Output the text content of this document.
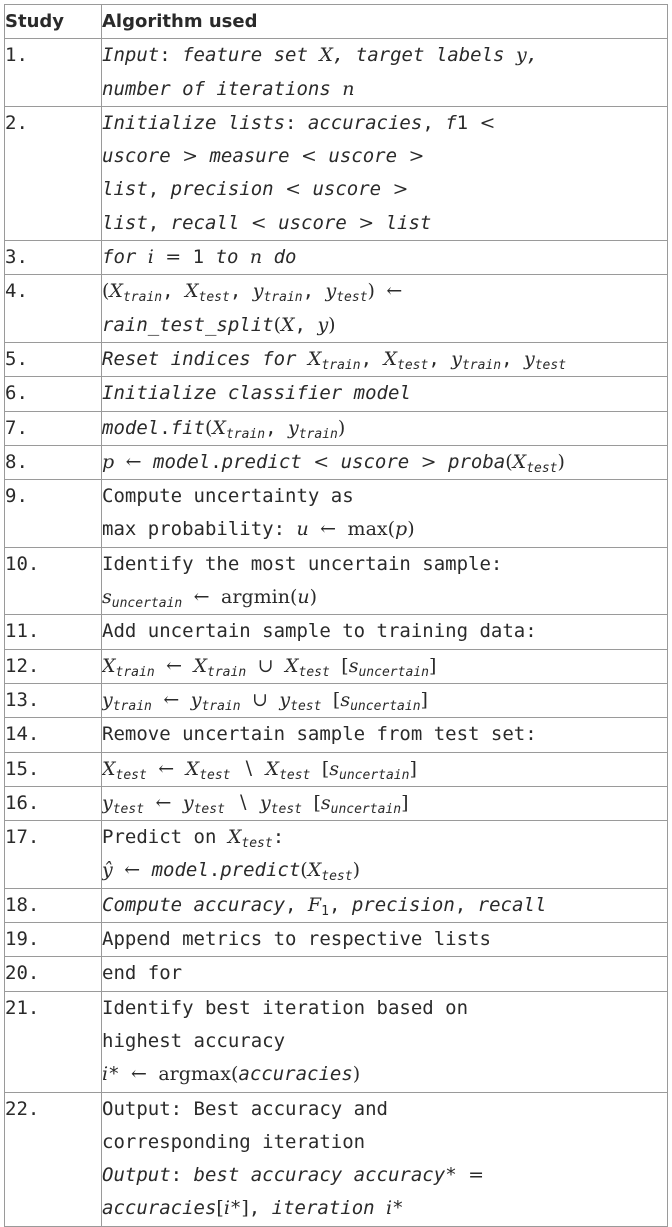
Study	Algorithm used
1.	Input: feature set X, target labels y,
number of iterations n

2.	Initialize lists: accuracies, f1 <
uscore > measure < uscore >
list, precision < uscore >
list, recall < uscore > list

3.	for i = 1 to n do

4.	($X_{train}$, $X_{test}$, $y_{train}$, $y_{test}$) ←
rain_test_split(X, y)

5.	Reset indices for $X_{train}$, $X_{test}$, $y_{train}$, $y_{test}$

6.	Initialize classifier model

7.	$model.fit(X_{train}$, $y_{train}$)

8.	p ← model.predict < uscore > $proba(X_{test})$

9.	Compute uncertainty as
max probability: u ← max(p)

10.	Identify the most uncertain sample:
$s_{uncertain}$ ← argmin(u)

11.	Add uncertain sample to training data:

12.	$X_{train}$ ← $X_{train}$ ∪ $X_{test}$ $[s_{uncertain}]$

13.	$y_{train}$ ← $y_{train}$ ∪ $y_{test}$ $[s_{uncertain}]$

14.	Remove uncertain sample from test set:

15.	$X_{test}$ ← $X_{test}$ ∖ $X_{test}$ $[s_{uncertain}]$

16.	$y_{test}$ ← $y_{test}$ ∖ $y_{test}$ $[s_{uncertain}]$

17.	Predict on $X_{test}$:
ŷ ← $model.predict(X_{test})$

18.	Compute accuracy, $F_1$, precision, recall

19.	Append metrics to respective lists

20.	end for

21.	Identify best iteration based on
highest accuracy
i* ← argmax(accuracies)

22.	Output: Best accuracy and
corresponding iteration
Output: best accuracy accuracy* =
accuracies[i*], iteration i*
